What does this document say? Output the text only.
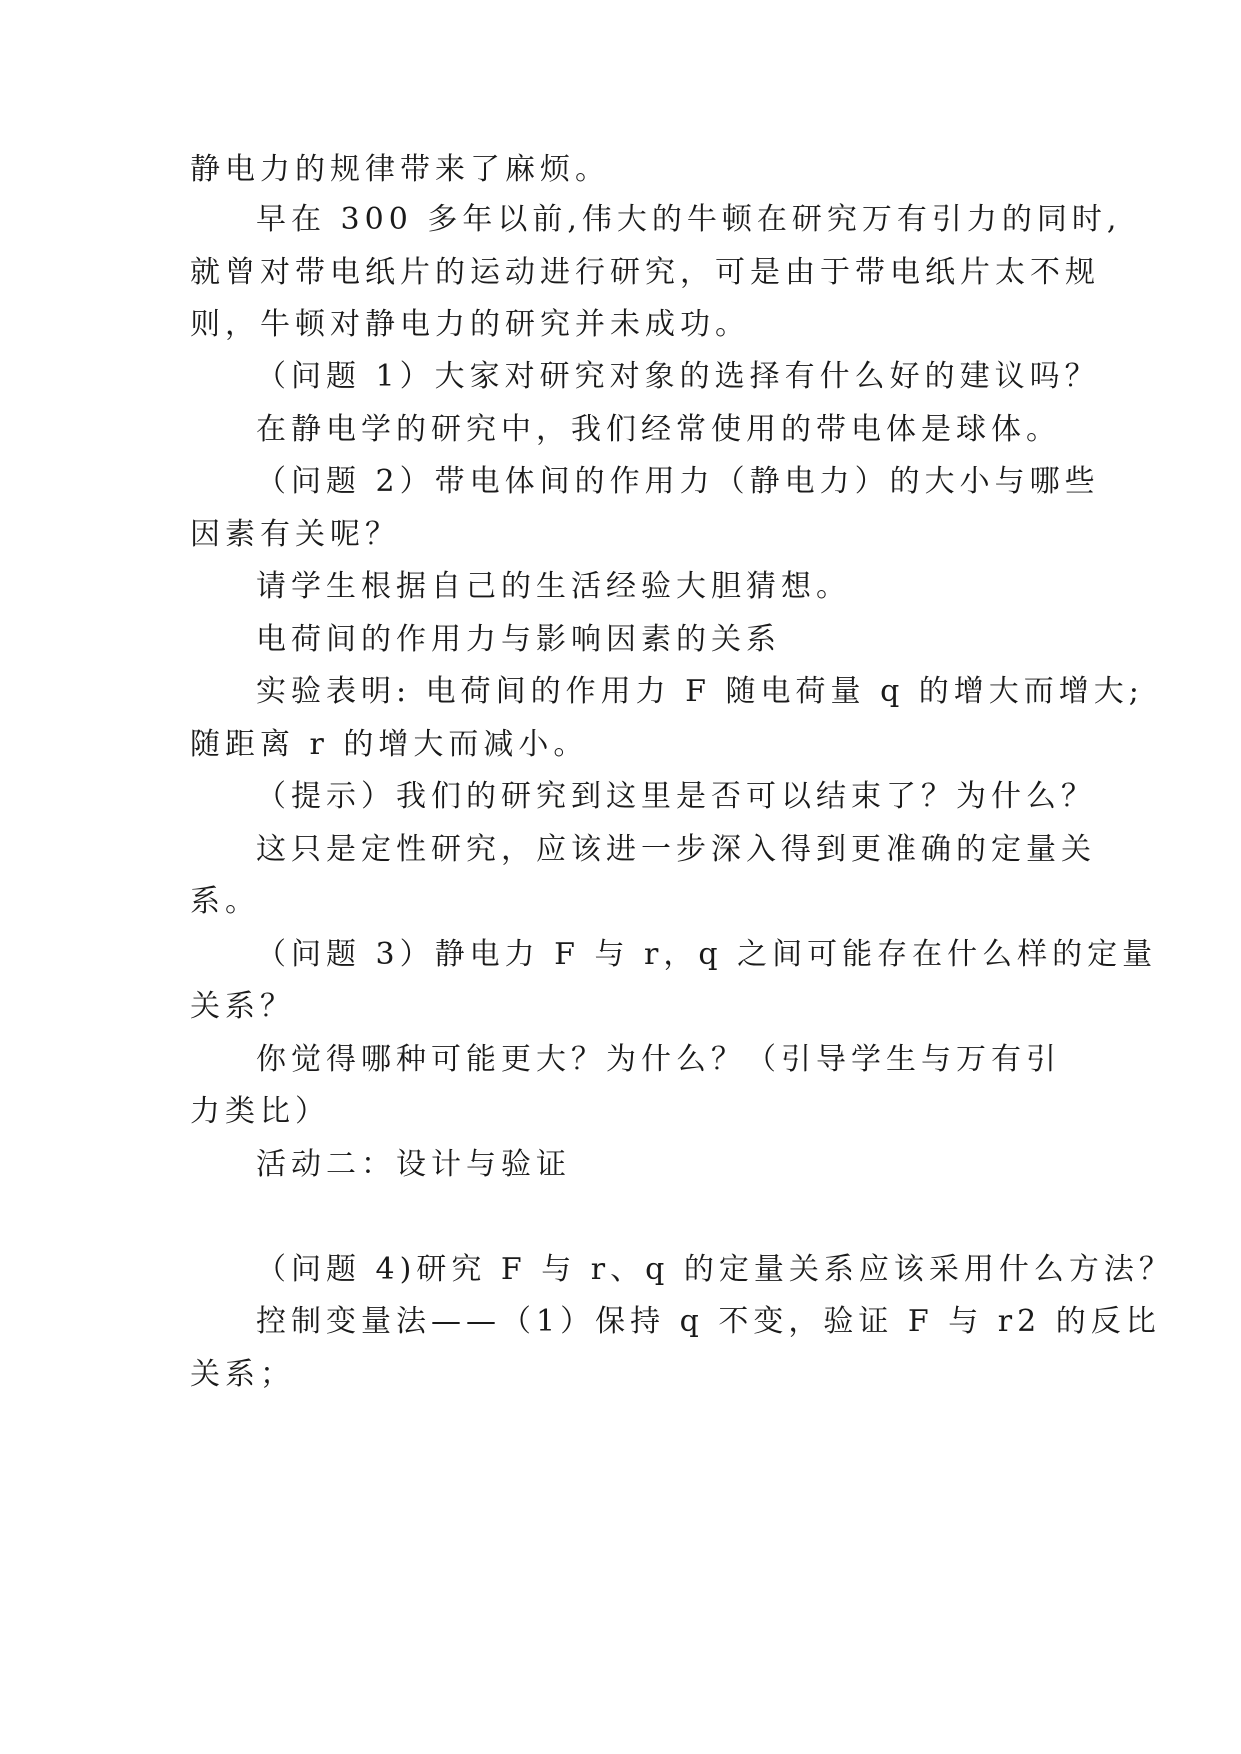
静电力的规律带来了麻烦。
早在 300 多年以前,伟大的牛顿在研究万有引力的同时,
就曾对带电纸片的运动进行研究，可是由于带电纸片太不规
则，牛顿对静电力的研究并未成功。
（问题 1）大家对研究对象的选择有什么好的建议吗？
在静电学的研究中，我们经常使用的带电体是球体。
（问题 2）带电体间的作用力（静电力）的大小与哪些
因素有关呢？
请学生根据自己的生活经验大胆猜想。
电荷间的作用力与影响因素的关系
实验表明: 电荷间的作用力 F 随电荷量 q 的增大而增大;
随距离 r 的增大而减小。
（提示）我们的研究到这里是否可以结束了？为什么？
这只是定性研究，应该进一步深入得到更准确的定量关
系。
（问题 3）静电力 F 与 r，q 之间可能存在什么样的定量
关系？
你觉得哪种可能更大？为什么？（引导学生与万有引
力类比）
活动二：设计与验证
（问题 4)研究 F 与 r、q 的定量关系应该采用什么方法？
控制变量法——（1）保持 q 不变，验证 F 与 r2 的反比
关系；
